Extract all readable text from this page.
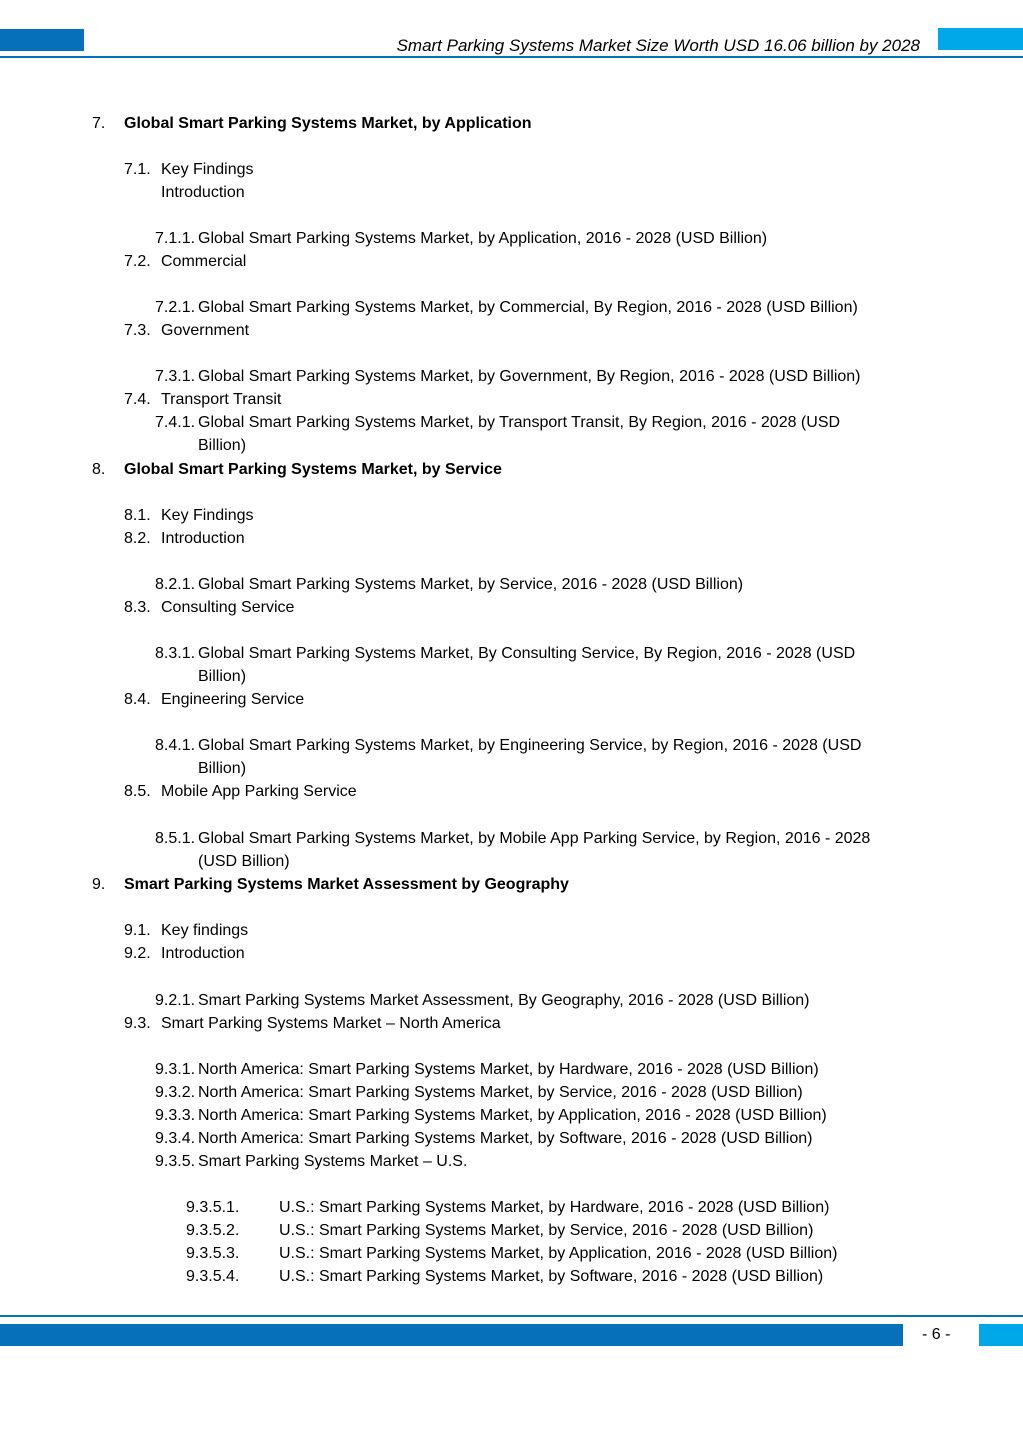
Smart Parking Systems Market Size Worth USD 16.06 billion by 2028
7. Global Smart Parking Systems Market, by Application
7.1. Key Findings
Introduction
7.1.1. Global Smart Parking Systems Market, by Application, 2016 - 2028 (USD Billion)
7.2. Commercial
7.2.1. Global Smart Parking Systems Market, by Commercial, By Region, 2016 - 2028 (USD Billion)
7.3. Government
7.3.1. Global Smart Parking Systems Market, by Government, By Region, 2016 - 2028 (USD Billion)
7.4. Transport Transit
7.4.1. Global Smart Parking Systems Market, by Transport Transit, By Region, 2016 - 2028 (USD
Billion)
8. Global Smart Parking Systems Market, by Service
8.1. Key Findings
8.2. Introduction
8.2.1. Global Smart Parking Systems Market, by Service, 2016 - 2028 (USD Billion)
8.3. Consulting Service
8.3.1. Global Smart Parking Systems Market, By Consulting Service, By Region, 2016 - 2028 (USD
Billion)
8.4. Engineering Service
8.4.1. Global Smart Parking Systems Market, by Engineering Service, by Region, 2016 - 2028 (USD
Billion)
8.5. Mobile App Parking Service
8.5.1. Global Smart Parking Systems Market, by Mobile App Parking Service, by Region, 2016 - 2028
(USD Billion)
9. Smart Parking Systems Market Assessment by Geography
9.1. Key findings
9.2. Introduction
9.2.1. Smart Parking Systems Market Assessment, By Geography, 2016 - 2028 (USD Billion)
9.3. Smart Parking Systems Market – North America
9.3.1. North America: Smart Parking Systems Market, by Hardware, 2016 - 2028 (USD Billion)
9.3.2. North America: Smart Parking Systems Market, by Service, 2016 - 2028 (USD Billion)
9.3.3. North America: Smart Parking Systems Market, by Application, 2016 - 2028 (USD Billion)
9.3.4. North America: Smart Parking Systems Market, by Software, 2016 - 2028 (USD Billion)
9.3.5. Smart Parking Systems Market – U.S.
9.3.5.1. U.S.: Smart Parking Systems Market, by Hardware, 2016 - 2028 (USD Billion)
9.3.5.2. U.S.: Smart Parking Systems Market, by Service, 2016 - 2028 (USD Billion)
9.3.5.3. U.S.: Smart Parking Systems Market, by Application, 2016 - 2028 (USD Billion)
9.3.5.4. U.S.: Smart Parking Systems Market, by Software, 2016 - 2028 (USD Billion)
- 6 -
